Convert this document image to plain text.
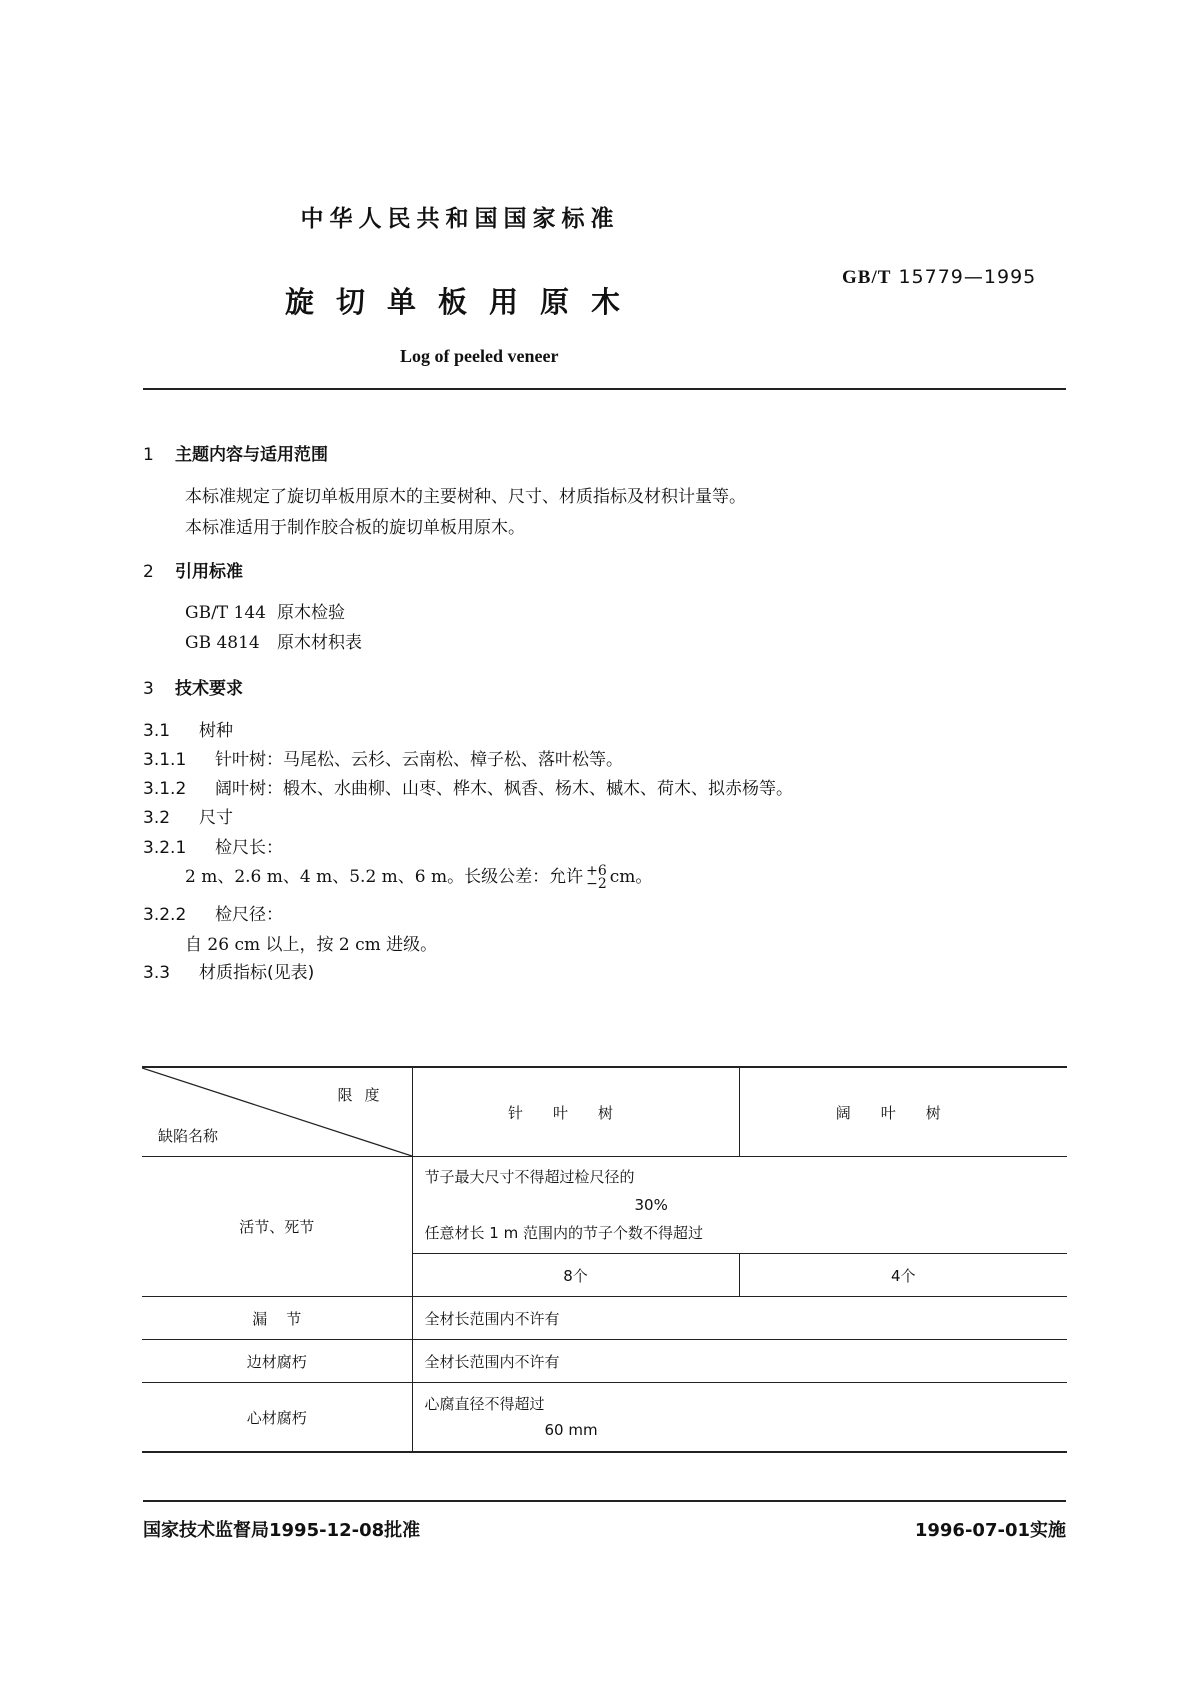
中华人民共和国国家标准
旋切单板用原木
GB/T 15779—1995
Log of peeled veneer
1 主题内容与适用范围
本标准规定了旋切单板用原木的主要树种、尺寸、材质指标及材积计量等。
本标准适用于制作胶合板的旋切单板用原木。
2 引用标准
GB/T 144 原木检验
GB 4814 原木材积表
3 技术要求
3.1 树种
3.1.1 针叶树：马尾松、云杉、云南松、樟子松、落叶松等。
3.1.2 阔叶树：椴木、水曲柳、山枣、桦木、枫香、杨木、槭木、荷木、拟赤杨等。
3.2 尺寸
3.2.1 检尺长：
2 m、2.6 m、4 m、5.2 m、6 m。长级公差：允许 +6
−2 cm。
3.2.2 检尺径：
自 26 cm 以上，按 2 cm 进级。
3.3 材质指标(见表)
限度
缺陷名称	针叶树	阔叶树
活节、死节	节子最大尺寸不得超过检尺径的
30%
任意材长 1 m 范围内的节子个数不得超过	

	8个	4个
漏    节	全材长范围内不许有	
边材腐朽	全材长范围内不许有	
心材腐朽	心腐直径不得超过
60 mm	
国家技术监督局1995-12-08批准	1996-07-01实施
